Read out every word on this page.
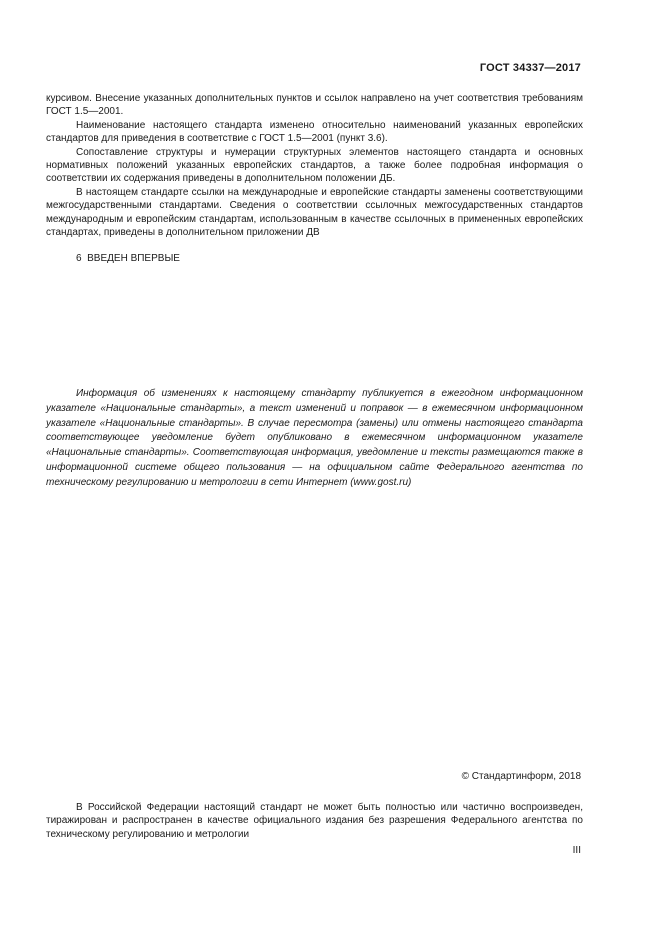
ГОСТ 34337—2017

курсивом. Внесение указанных дополнительных пунктов и ссылок направлено на учет соответствия требованиям ГОСТ 1.5—2001.

Наименование настоящего стандарта изменено относительно наименований указанных европейских стандартов для приведения в соответствие с ГОСТ 1.5—2001 (пункт 3.6).

Сопоставление структуры и нумерации структурных элементов настоящего стандарта и основных нормативных положений указанных европейских стандартов, а также более подробная информация о соответствии их содержания приведены в дополнительном положении ДБ.

В настоящем стандарте ссылки на международные и европейские стандарты заменены соответствующими межгосударственными стандартами. Сведения о соответствии ссылочных межгосударственных стандартов международным и европейским стандартам, использованным в качестве ссылочных в примененных европейских стандартах, приведены в дополнительном приложении ДВ

6  ВВЕДЕН ВПЕРВЫЕ

Информация об изменениях к настоящему стандарту публикуется в ежегодном информационном указателе «Национальные стандарты», а текст изменений и поправок — в ежемесячном информационном указателе «Национальные стандарты». В случае пересмотра (замены) или отмены настоящего стандарта соответствующее уведомление будет опубликовано в ежемесячном информационном указателе «Национальные стандарты». Соответствующая информация, уведомление и тексты размещаются также в информационной системе общего пользования — на официальном сайте Федерального агентства по техническому регулированию и метрологии в сети Интернет (www.gost.ru)

© Стандартинформ, 2018

В Российской Федерации настоящий стандарт не может быть полностью или частично воспроизведен, тиражирован и распространен в качестве официального издания без разрешения Федерального агентства по техническому регулированию и метрологии

III
